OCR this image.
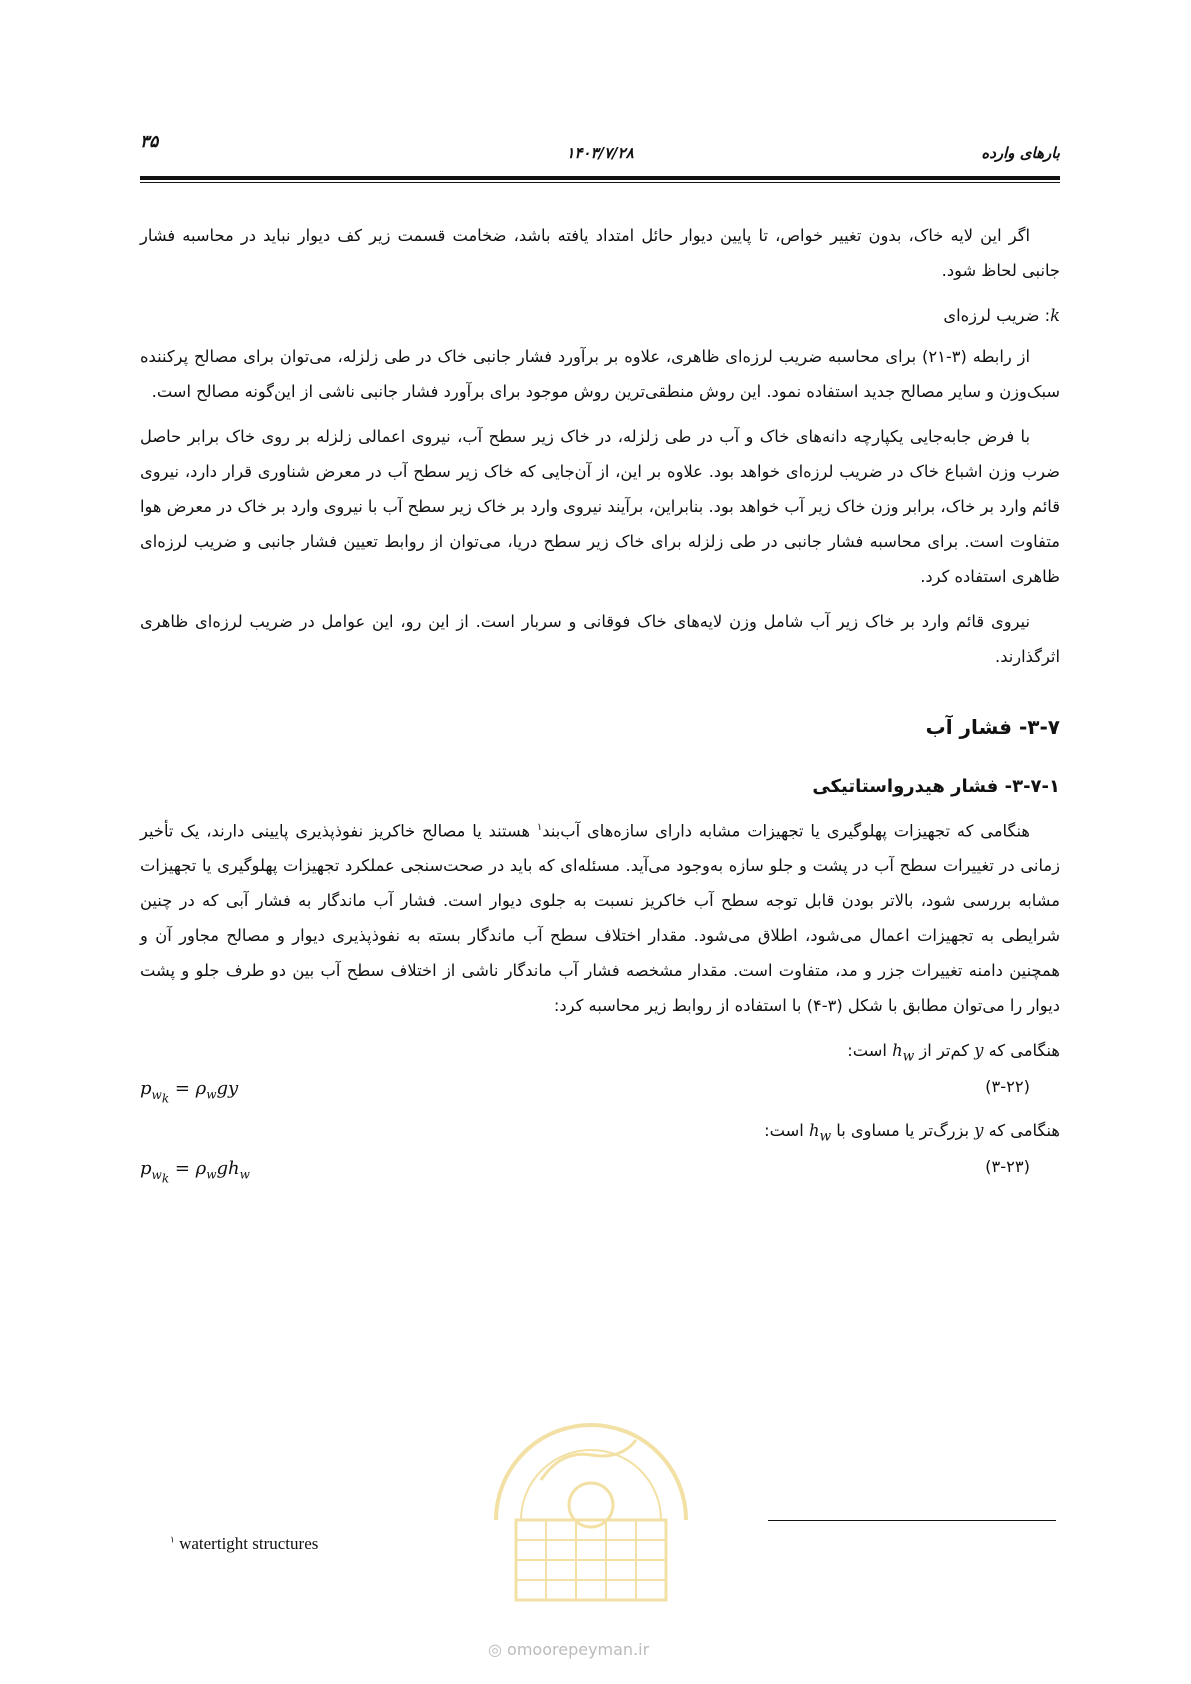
بارهای وارده
۱۴۰۳/۷/۲۸
۳۵

اگر این لایه خاک، بدون تغییر خواص، تا پایین دیوار حائل امتداد یافته باشد، ضخامت قسمت زیر کف دیوار نباید در محاسبه فشار جانبی لحاظ شود.

k: ضریب لرزه‌ای

از رابطه (۳-۲۱) برای محاسبه ضریب لرزه‌ای ظاهری، علاوه بر برآورد فشار جانبی خاک در طی زلزله، می‌توان برای مصالح پرکننده سبک‌وزن و سایر مصالح جدید استفاده نمود. این روش منطقی‌ترین روش موجود برای برآورد فشار جانبی ناشی از این‌گونه مصالح است.

با فرض جابه‌جایی یکپارچه دانه‌های خاک و آب در طی زلزله، در خاک زیر سطح آب، نیروی اعمالی زلزله بر روی خاک برابر حاصل ضرب وزن اشباع خاک در ضریب لرزه‌ای خواهد بود. علاوه بر این، از آن‌جایی که خاک زیر سطح آب در معرض شناوری قرار دارد، نیروی قائم وارد بر خاک، برابر وزن خاک زیر آب خواهد بود. بنابراین، برآیند نیروی وارد بر خاک زیر سطح آب با نیروی وارد بر خاک در معرض هوا متفاوت است. برای محاسبه فشار جانبی در طی زلزله برای خاک زیر سطح دریا، می‌توان از روابط تعیین فشار جانبی و ضریب لرزه‌ای ظاهری استفاده کرد.

نیروی قائم وارد بر خاک زیر آب شامل وزن لایه‌های خاک فوقانی و سربار است. از این رو، این عوامل در ضریب لرزه‌ای ظاهری اثرگذارند.

۳-۷- فشار آب
۳-۷-۱- فشار هیدرواستاتیکی

هنگامی که تجهیزات پهلوگیری یا تجهیزات مشابه دارای سازه‌های آب‌بند$^۱$ هستند یا مصالح خاکریز نفوذپذیری پایینی دارند، یک تأخیر زمانی در تغییرات سطح آب در پشت و جلو سازه به‌وجود می‌آید. مسئله‌ای که باید در صحت‌سنجی عملکرد تجهیزات پهلوگیری یا تجهیزات مشابه بررسی شود، بالاتر بودن قابل توجه سطح آب خاکریز نسبت به جلوی دیوار است. فشار آب ماندگار به فشار آبی که در چنین شرایطی به تجهیزات اعمال می‌شود، اطلاق می‌شود. مقدار اختلاف سطح آب ماندگار بسته به نفوذپذیری دیوار و مصالح مجاور آن و همچنین دامنه تغییرات جزر و مد، متفاوت است. مقدار مشخصه فشار آب ماندگار ناشی از اختلاف سطح آب بین دو طرف جلو و پشت دیوار را می‌توان مطابق با شکل (۳-۴) با استفاده از روابط زیر محاسبه کرد:

هنگامی که y کم‌تر از $h_w$ است:
(۳-۲۲)
$p_{w_k} = \rho_wgy$
هنگامی که y بزرگ‌تر یا مساوی با $h_w$ است:
(۳-۲۳)
$p_{w_k} = \rho_wgh_w$
$^۱$ watertight structures
◎ omoorepeyman.ir
